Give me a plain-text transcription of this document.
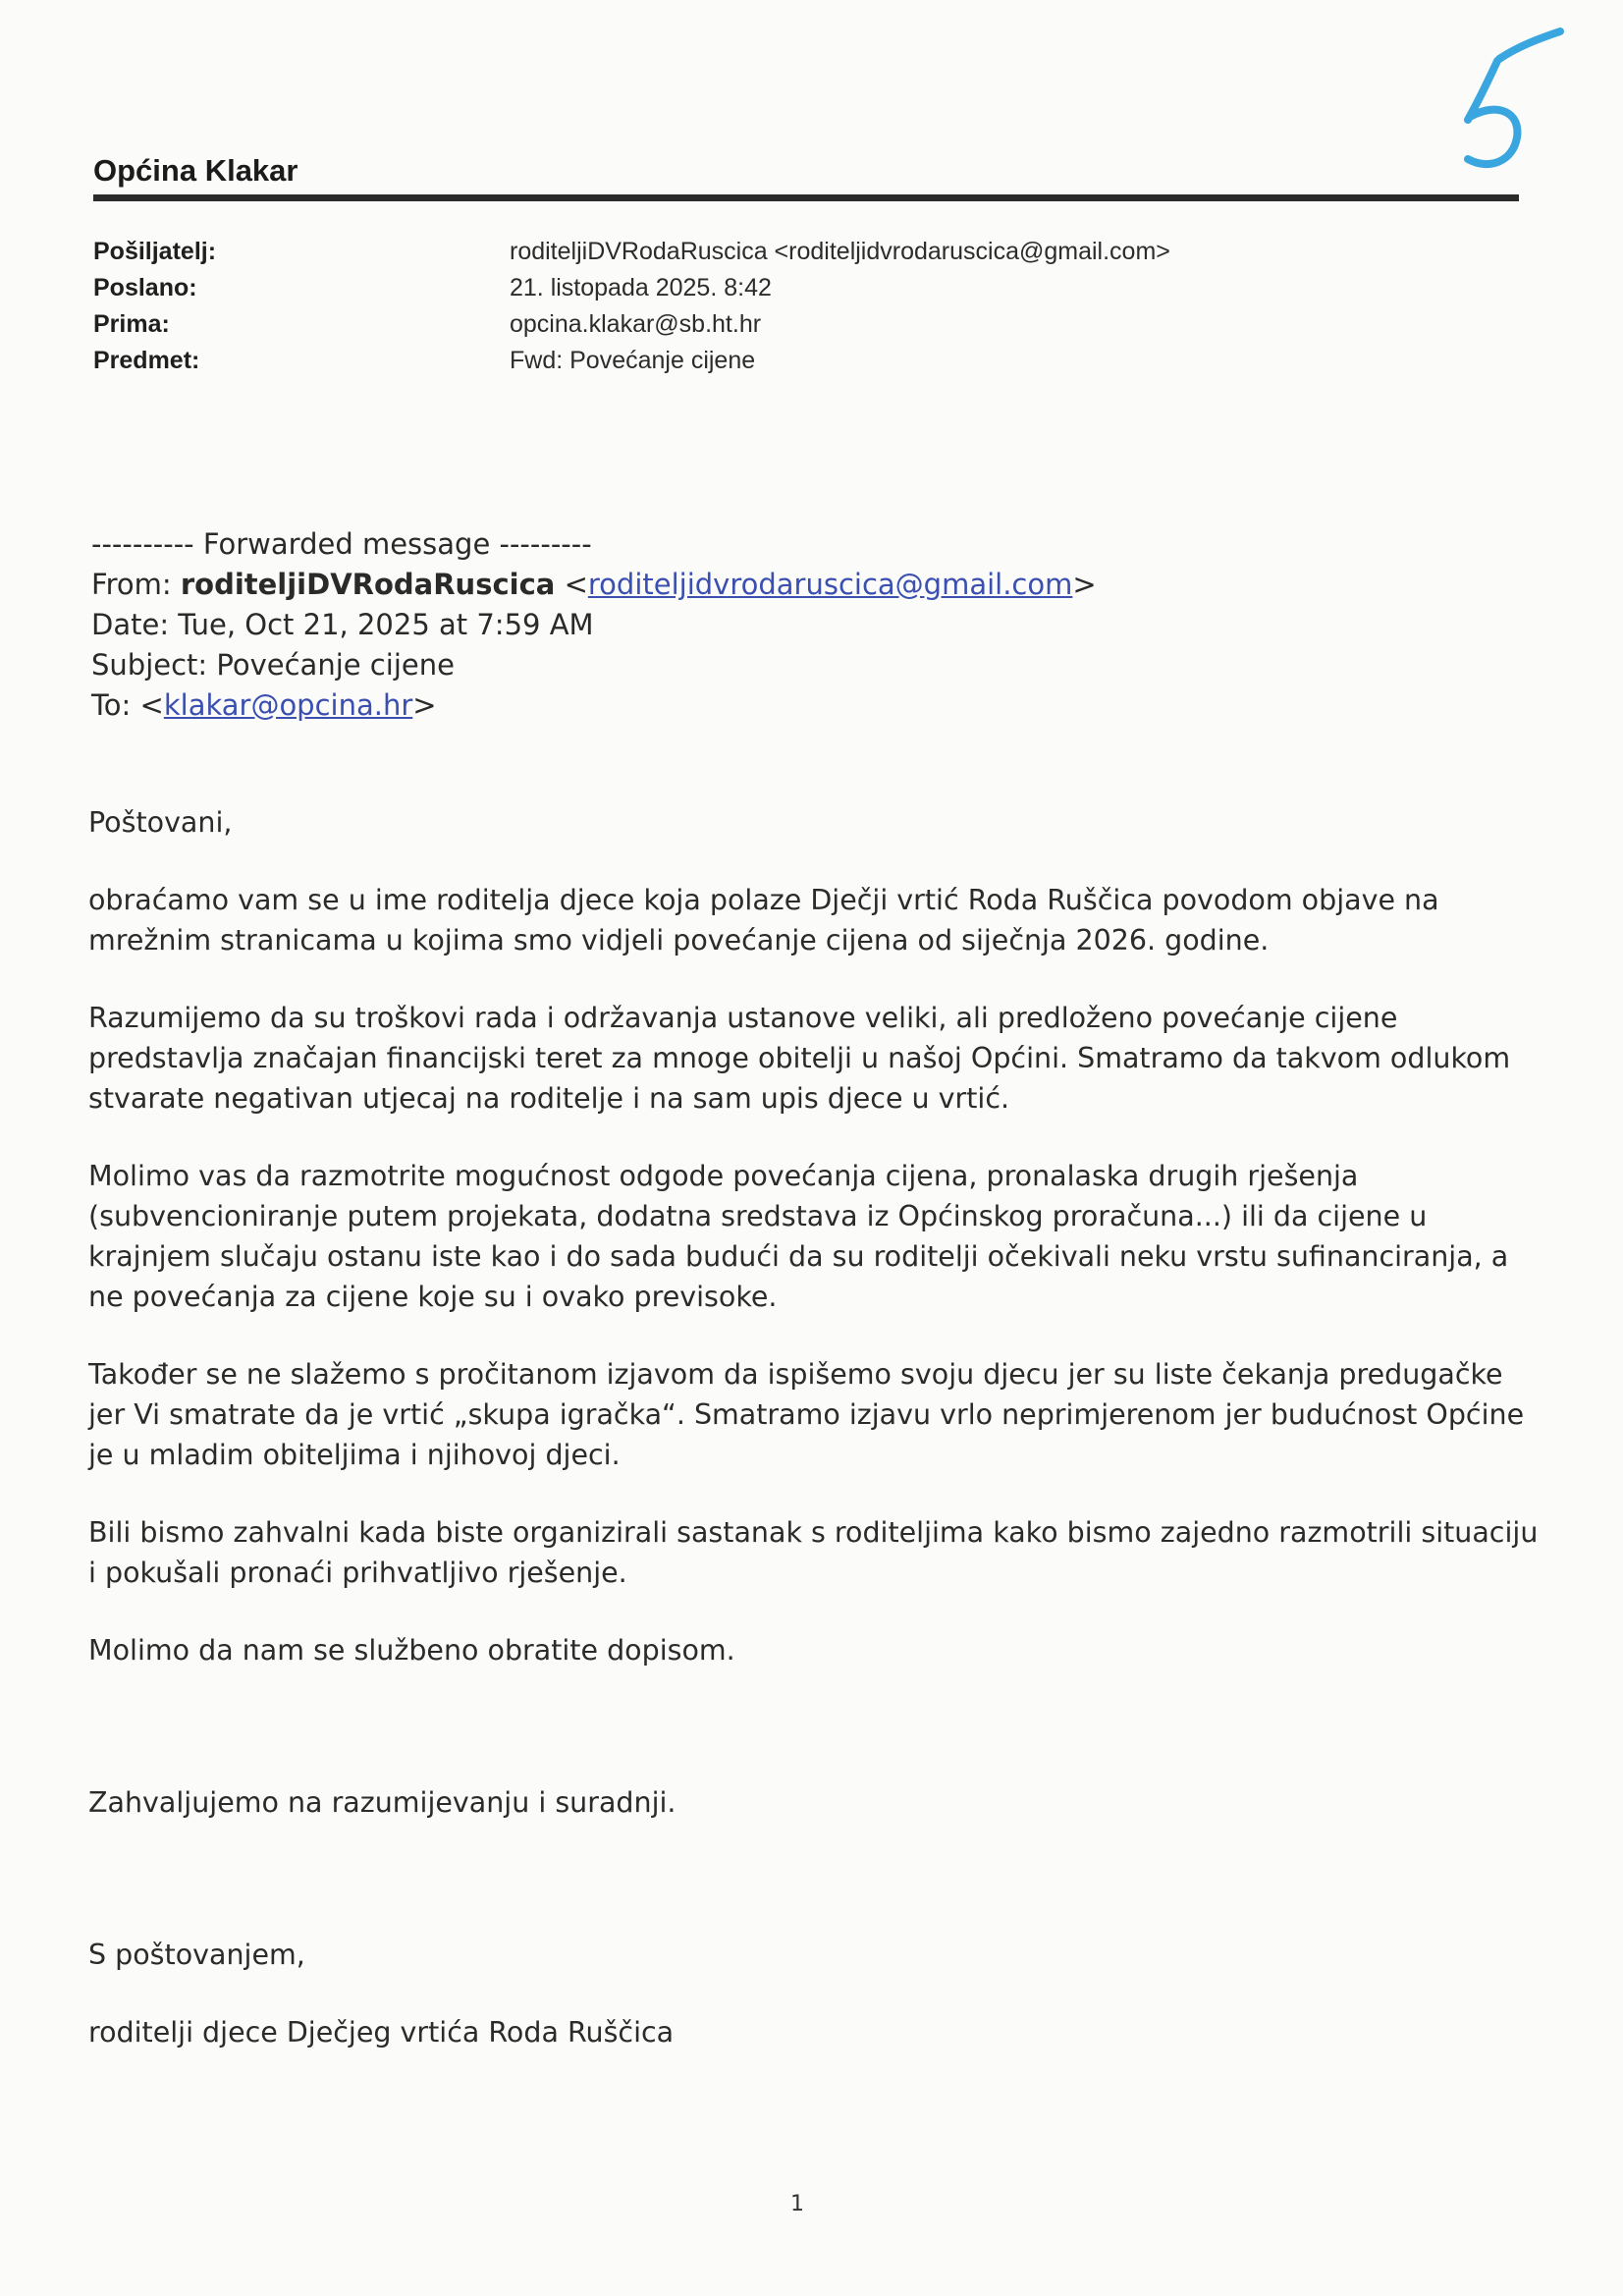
Općina Klakar
Pošiljatelj:	roditeljiDVRodaRuscica <roditeljidvrodaruscica@gmail.com>
Poslano:	21. listopada 2025. 8:42
Prima:	opcina.klakar@sb.ht.hr
Predmet:	Fwd: Povećanje cijene
---------- Forwarded message ---------
From: roditeljiDVRodaRuscica <roditeljidvrodaruscica@gmail.com>
Date: Tue, Oct 21, 2025 at 7:59 AM
Subject: Povećanje cijene
To: <klakar@opcina.hr>

Poštovani,

obraćamo vam se u ime roditelja djece koja polaze Dječji vrtić Roda Ruščica povodom objave na mrežnim stranicama u kojima smo vidjeli povećanje cijena od siječnja 2026. godine.

Razumijemo da su troškovi rada i održavanja ustanove veliki, ali predloženo povećanje cijene predstavlja značajan financijski teret za mnoge obitelji u našoj Općini. Smatramo da takvom odlukom stvarate negativan utjecaj na roditelje i na sam upis djece u vrtić.

Molimo vas da razmotrite mogućnost odgode povećanja cijena, pronalaska drugih rješenja (subvencioniranje putem projekata, dodatna sredstava iz Općinskog proračuna...) ili da cijene u krajnjem slučaju ostanu iste kao i do sada budući da su roditelji očekivali neku vrstu sufinanciranja, a ne povećanja za cijene koje su i ovako previsoke.

Također se ne slažemo s pročitanom izjavom da ispišemo svoju djecu jer su liste čekanja predugačke jer Vi smatrate da je vrtić „skupa igračka“. Smatramo izjavu vrlo neprimjerenom jer budućnost Općine je u mladim obiteljima i njihovoj djeci.

Bili bismo zahvalni kada biste organizirali sastanak s roditeljima kako bismo zajedno razmotrili situaciju i pokušali pronaći prihvatljivo rješenje.

Molimo da nam se službeno obratite dopisom.

Zahvaljujemo na razumijevanju i suradnji.

S poštovanjem,

roditelji djece Dječjeg vrtića Roda Ruščica

1
